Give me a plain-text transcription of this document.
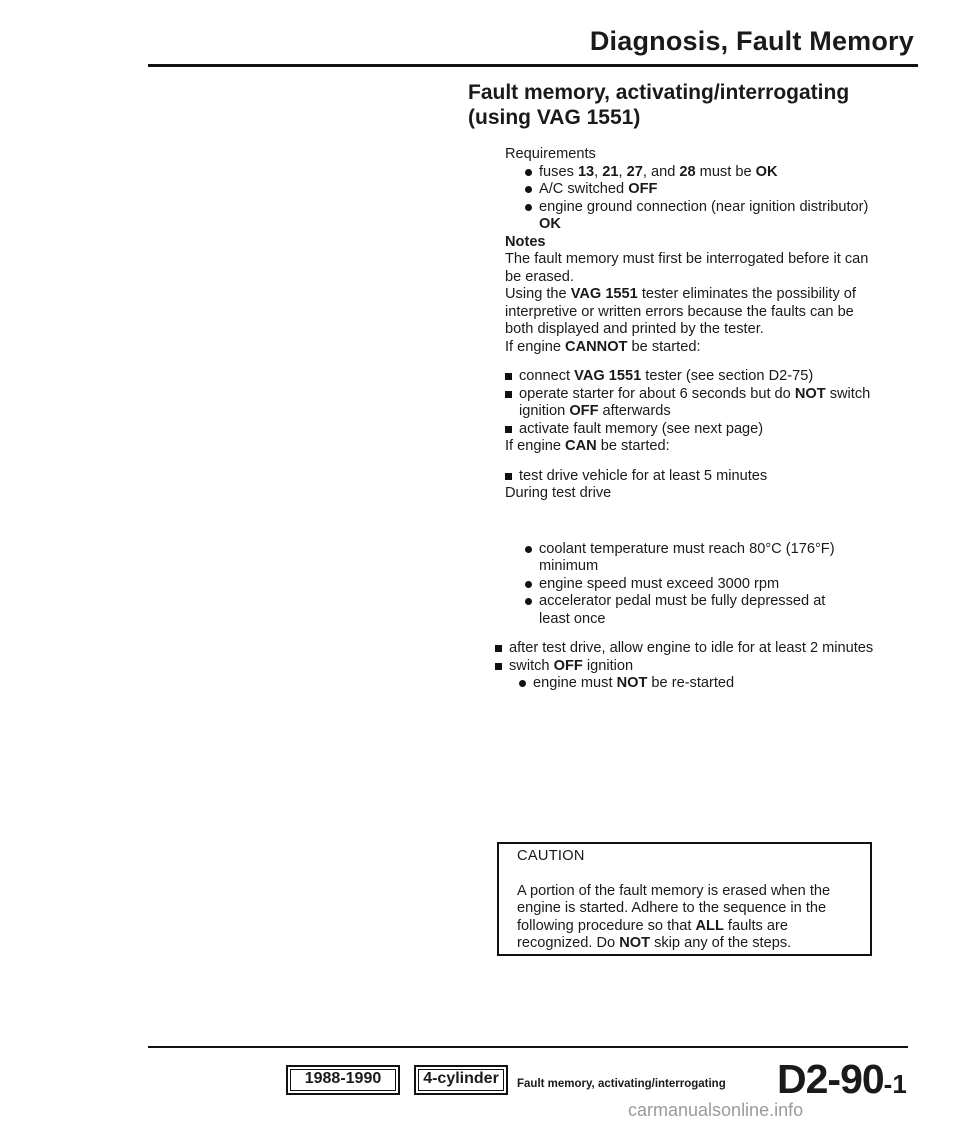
Diagnosis, Fault Memory
Fault memory, activating/interrogating
(using VAG 1551)

Requirements

fuses 13, 21, 27, and 28 must be OK
A/C switched OFF
engine ground connection (near ignition distributor) OK

Notes

The fault memory must first be interrogated before it can be erased.

Using the VAG 1551 tester eliminates the possibility of interpretive or written errors because the faults can be both displayed and printed by the tester.

If engine CANNOT be started:

connect VAG 1551 tester (see section D2-75)
operate starter for about 6 seconds but do NOT switch ignition OFF afterwards
activate fault memory (see next page)

If engine CAN be started:

test drive vehicle for at least 5 minutes

During test drive

coolant temperature must reach 80°C (176°F) minimum
engine speed must exceed 3000 rpm
accelerator pedal must be fully depressed at least once
after test drive, allow engine to idle for at least 2 minutes
switch OFF ignition
engine must NOT be re-started
CAUTION
A portion of the fault memory is erased when the engine is started. Adhere to the sequence in the following procedure so that ALL faults are recognized. Do NOT skip any of the steps.
1988-1990	4-cylinder	Fault memory, activating/interrogating D2-90-1
carmanualsonline.info
